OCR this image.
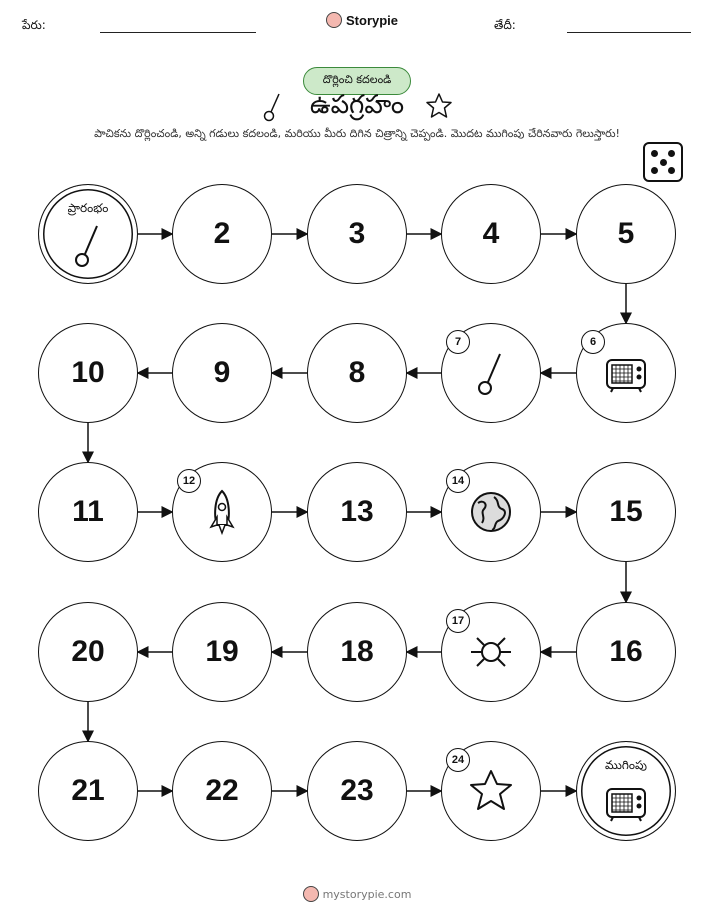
పేరు:	Storypie	తేదీ:
దొర్లించి కదలండి
ఉపగ్రహం
పాచికను దొర్లించండి, అన్ని గడులు కదలండి, మరియు మీరు దిగిన చిత్రాన్ని చెప్పండి. మొదట ముగింపు చేరినవారు గెలుస్తారు!
ప్రారంభం
2	3	4	5
6
7
8
9
10
11
12
13
14
15
16
17
18
19
20
21	22	23
24	ముగింపు
mystorypie.com
